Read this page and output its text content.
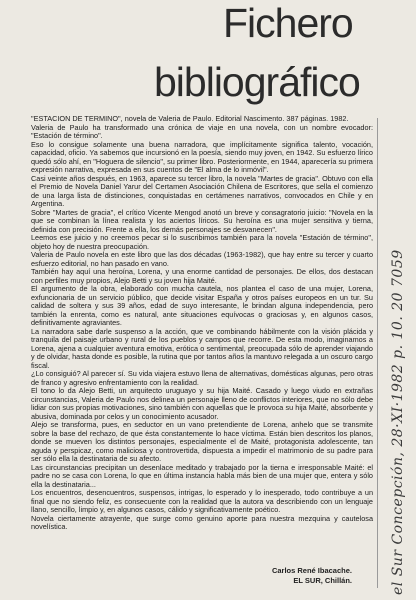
Fichero
bibliográfico

"ESTACION DE TERMINO", novela de Valeria de Paulo. Editorial Nascimento. 387 páginas. 1982.

Valeria de Paulo ha transformado una crónica de viaje en una novela, con un nombre evocador: "Estación de término".

Eso lo consigue solamente una buena narradora, que implícitamente significa talento, vocación, capacidad, oficio. Ya sabemos que incursionó en la poesía, siendo muy joven, en 1942. Su esfuerzo lírico quedó sólo ahí, en "Hoguera de silencio", su primer libro. Posteriormente, en 1944, aparecería su primera expresión narrativa, expresada en sus cuentos de "El alma de lo inmóvil".

Casi veinte años después, en 1963, aparece su tercer libro, la novela "Martes de gracia". Obtuvo con ella el Premio de Novela Daniel Yarur del Certamen Asociación Chilena de Escritores, que sella el comienzo de una larga lista de distinciones, conquistadas en certámenes narrativos, convocados en Chile y en Argentina.

Sobre "Martes de gracia", el crítico Vicente Mengod anotó un breve y consagratorio juicio: "Novela en la que se combinan la línea realista y los aciertos líricos. Su heroína es una mujer sensitiva y tierna, definida con precisión. Frente a ella, los demás personajes se desvanecen".

Leemos ese juicio y no creemos pecar si lo suscribimos también para la novela "Estación de término", objeto hoy de nuestra preocupación.

Valeria de Paulo novela en este libro que las dos décadas (1963-1982), que hay entre su tercer y cuarto esfuerzo editorial, no han pasado en vano.

También hay aquí una heroína, Lorena, y una enorme cantidad de personajes. De ellos, dos destacan con perfiles muy propios, Alejo Betti y su joven hija Maité.

El argumento de la obra, elaborado con mucha cautela, nos plantea el caso de una mujer, Lorena, exfuncionaria de un servicio público, que decide visitar España y otros países europeos en un tur. Su calidad de soltera y sus 39 años, edad de suyo interesante, le brindan alguna independencia, pero también la enrenta, como es natural, ante situaciones equívocas o graciosas y, en algunos casos, definitivamente agraviantes.

La narradora sabe darle suspenso a la acción, que ve combinando hábilmente con la visión plácida y tranquila del paisaje urbano y rural de los pueblos y campos que recorre. De esta modo, imaginamos a Lorena, ajena a cualquier aventura emotiva, erótica o sentimental, preocupada sólo de aprender viajando y de olvidar, hasta donde es posible, la rutina que por tantos años la mantuvo relegada a un oscuro cargo fiscal.

¿Lo consiguió? Al parecer sí. Su vida viajera estuvo llena de alternativas, domésticas algunas, pero otras de franco y agresivo enfrentamiento con la realidad.

El tono lo da Alejo Betti, un arquitecto uruguayo y su hija Maité. Casado y luego viudo en extrañas circunstancias, Valeria de Paulo nos delinea un personaje lleno de conflictos interiores, que no sólo debe lidiar con sus propias motivaciones, sino también con aquellas que le provoca su hija Maité, absorbente y abusiva, dominada por celos y un conocimiento acusador.

Alejo se transforma, pues, en seductor en un vano pretendiente de Lorena, anhelo que se transmite sobre la base del rechazo, de que ésta constantemente lo hace víctima. Están bien descritos los planos, donde se mueven los distintos personajes, especialmente el de Maité, protagonista adolescente, tan aguda y perspicaz, como maliciosa y controvertida, dispuesta a impedir el matrimonio de su padre para ser sólo ella la destinataria de su afecto.

Las circunstancias precipitan un desenlace meditado y trabajado por la tierna e irresponsable Maité: el padre no se casa con Lorena, lo que en última instancia habla más bien de una mujer que, entera y sólo ella la destinataria...

Los encuentros, desencuentros, suspensos, intrigas, lo esperado y lo inesperado, todo contribuye a un final que no siendo feliz, es consecuente con la realidad que la autora va describiendo con un lenguaje llano, sencillo, limpio y, en algunos casos, cálido y significativamente poético.

Novela ciertamente atrayente, que surge como genuino aporte para nuestra mezquina y cautelosa novelística.

Carlos René Ibacache.
EL SUR, Chillán.	el Sur Concepción, 28·XI·1982 p. 10. 20 7059
